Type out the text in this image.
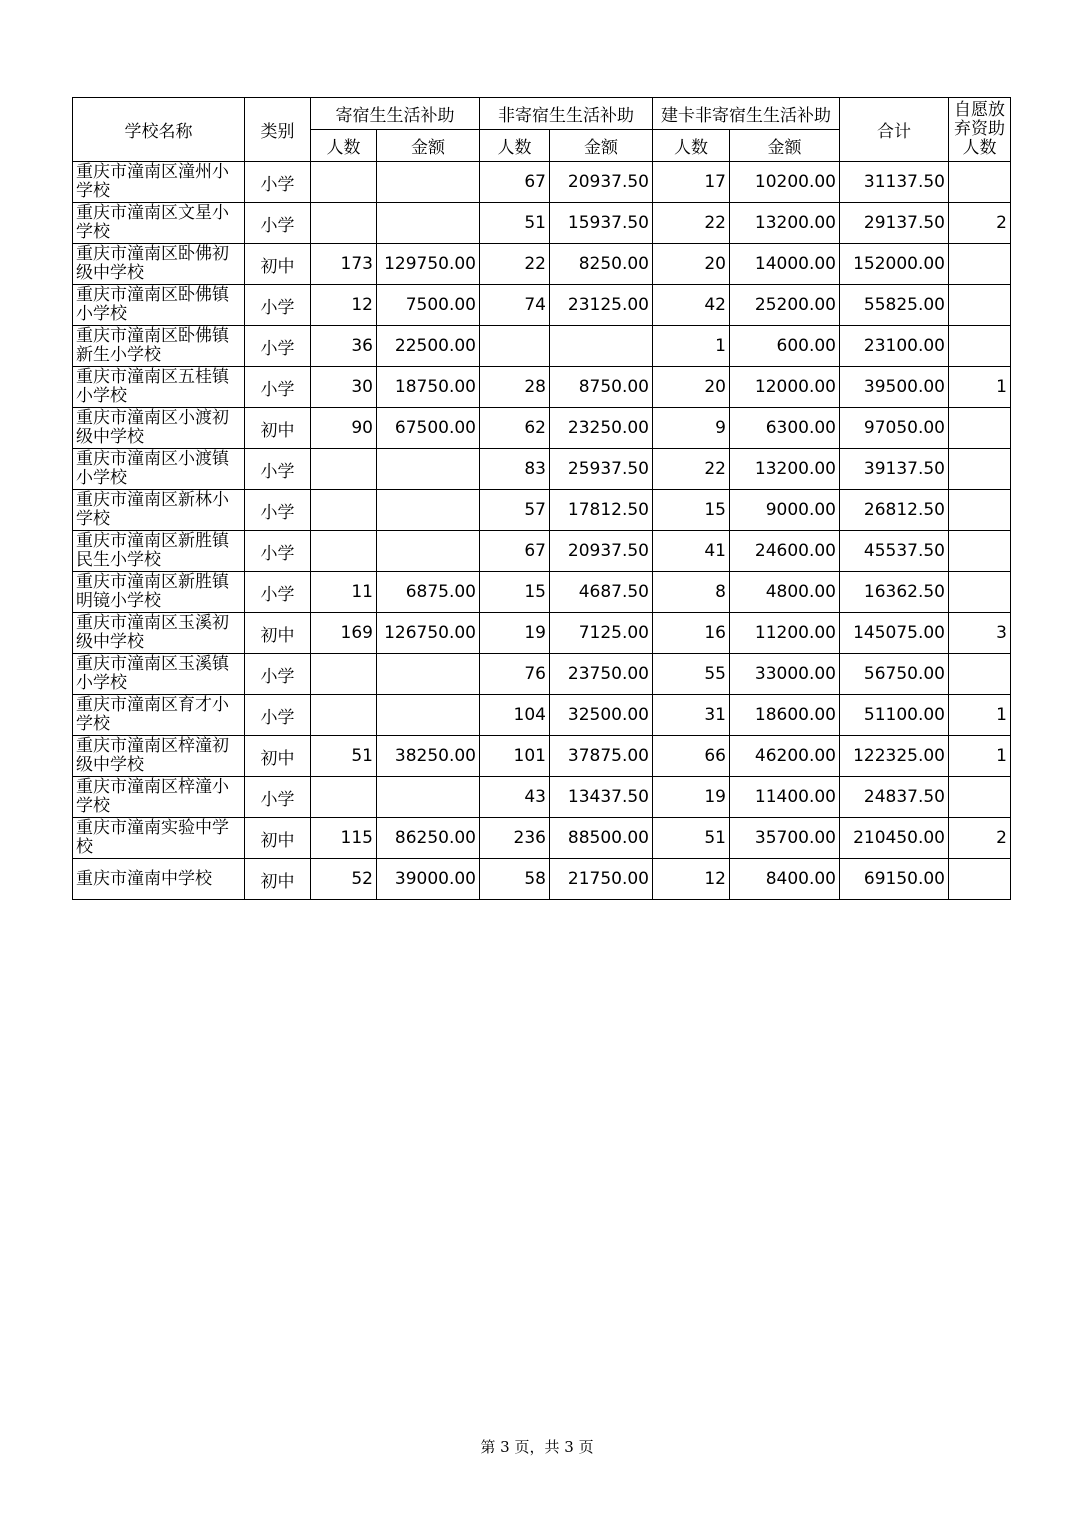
学校名称	类别	寄宿生生活补助		非寄宿生生活补助		建卡非寄宿生生活补助		合计	自愿放弃资助人数
		人数	金额	人数	金额	人数	金额		
重庆市潼南区潼州小学校	小学			67	20937.50	17	10200.00	31137.50	
重庆市潼南区文星小学校	小学			51	15937.50	22	13200.00	29137.50	2
重庆市潼南区卧佛初级中学校	初中	173	129750.00	22	8250.00	20	14000.00	152000.00	
重庆市潼南区卧佛镇小学校	小学	12	7500.00	74	23125.00	42	25200.00	55825.00	
重庆市潼南区卧佛镇新生小学校	小学	36	22500.00			1	600.00	23100.00	
重庆市潼南区五桂镇小学校	小学	30	18750.00	28	8750.00	20	12000.00	39500.00	1
重庆市潼南区小渡初级中学校	初中	90	67500.00	62	23250.00	9	6300.00	97050.00	
重庆市潼南区小渡镇小学校	小学			83	25937.50	22	13200.00	39137.50	
重庆市潼南区新林小学校	小学			57	17812.50	15	9000.00	26812.50	
重庆市潼南区新胜镇民生小学校	小学			67	20937.50	41	24600.00	45537.50	
重庆市潼南区新胜镇明镜小学校	小学	11	6875.00	15	4687.50	8	4800.00	16362.50	
重庆市潼南区玉溪初级中学校	初中	169	126750.00	19	7125.00	16	11200.00	145075.00	3
重庆市潼南区玉溪镇小学校	小学			76	23750.00	55	33000.00	56750.00	
重庆市潼南区育才小学校	小学			104	32500.00	31	18600.00	51100.00	1
重庆市潼南区梓潼初级中学校	初中	51	38250.00	101	37875.00	66	46200.00	122325.00	1
重庆市潼南区梓潼小学校	小学			43	13437.50	19	11400.00	24837.50	
重庆市潼南实验中学校	初中	115	86250.00	236	88500.00	51	35700.00	210450.00	2
重庆市潼南中学校	初中	52	39000.00	58	21750.00	12	8400.00	69150.00	
第 3 页，共 3 页
